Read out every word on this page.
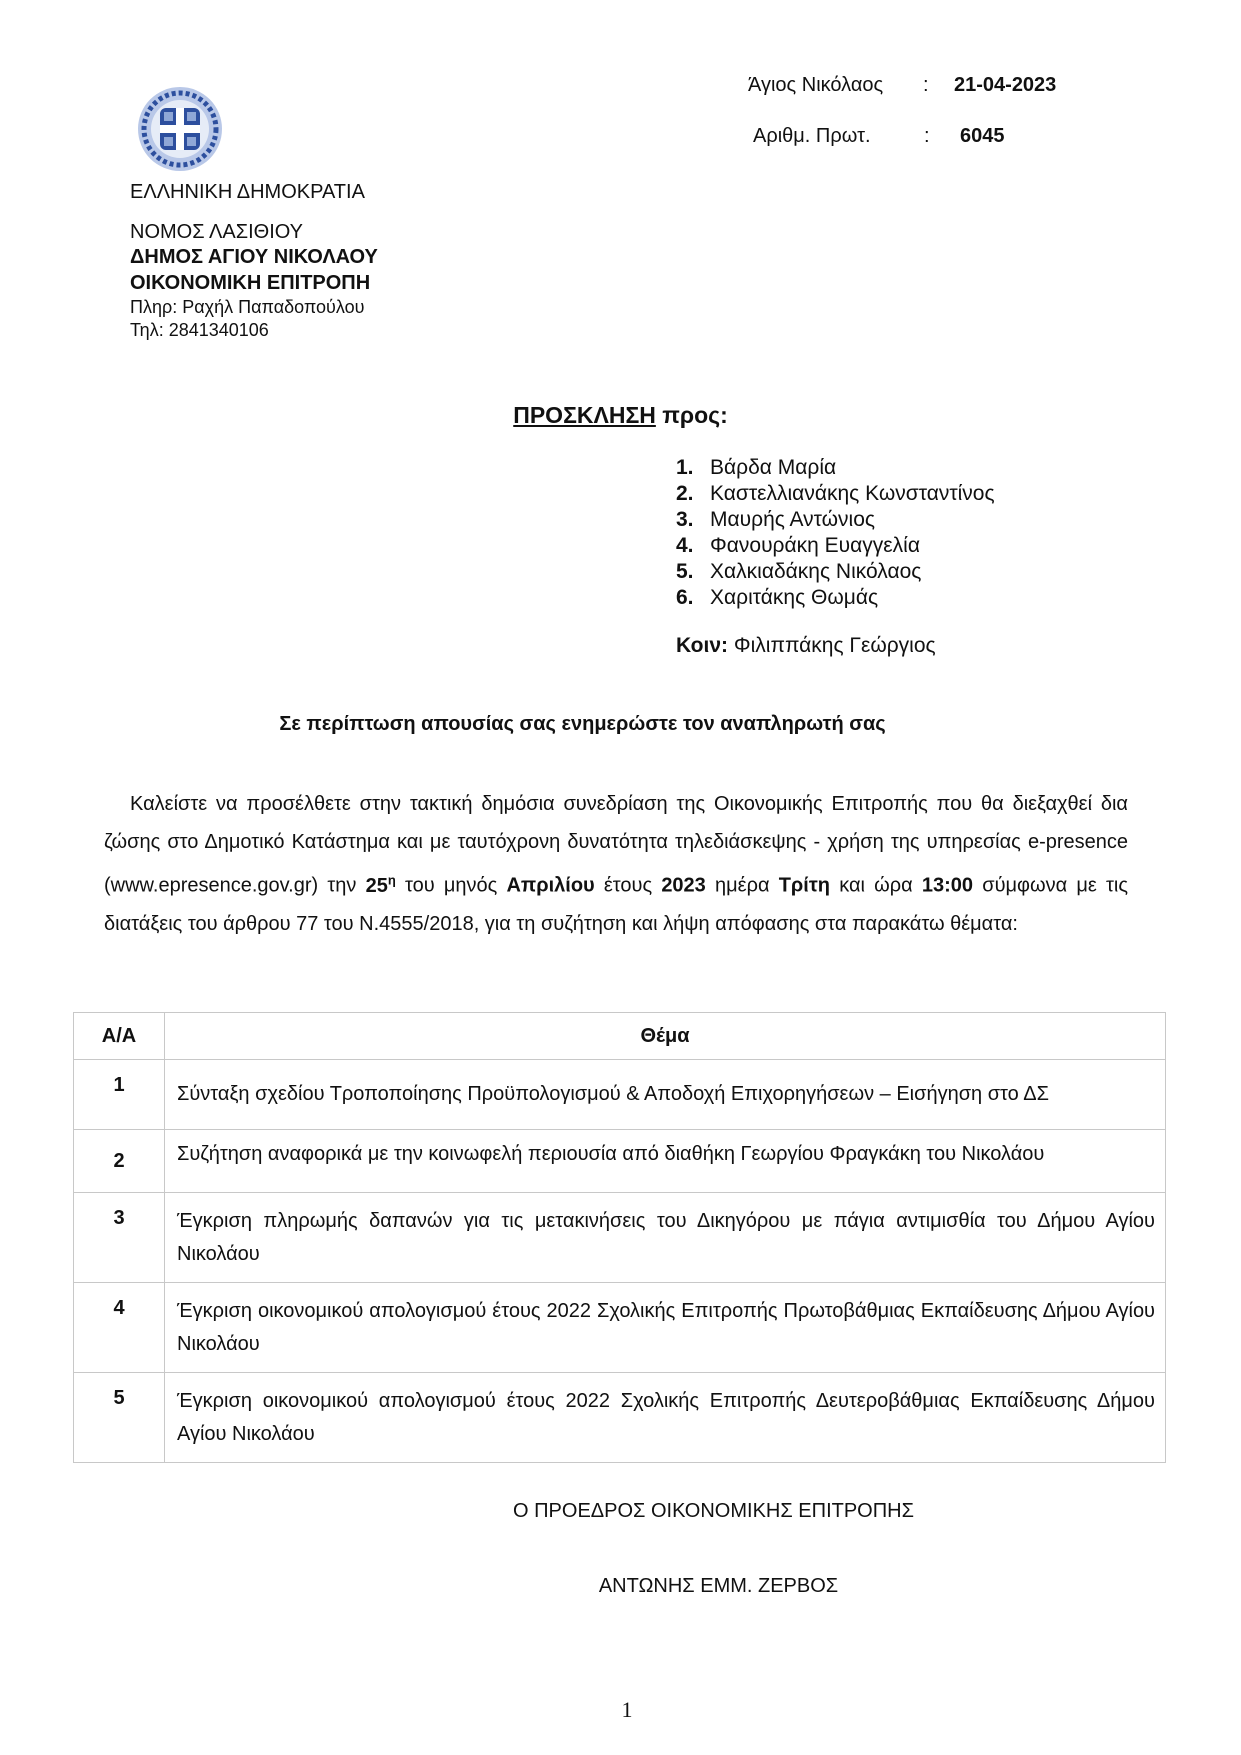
ΕΛΛΗΝΙΚΗ ΔΗΜΟΚΡΑΤΙΑ
ΝΟΜΟΣ ΛΑΣΙΘΙΟΥ
ΔΗΜΟΣ ΑΓΙΟΥ ΝΙΚΟΛΑΟΥ
ΟΙΚΟΝΟΜΙΚΗ ΕΠΙΤΡΟΠΗ
Πληρ: Ραχήλ Παπαδοπούλου
Τηλ: 2841340106
Άγιος Νικόλαος : 21-04-2023
Αριθμ. Πρωτ.	: 6045
ΠΡΟΣΚΛΗΣΗ προς:
1. Βάρδα Μαρία
2. Καστελλιανάκης Κωνσταντίνος
3. Μαυρής Αντώνιος
4. Φανουράκη Ευαγγελία
5. Χαλκιαδάκης Νικόλαος
6. Χαριτάκης Θωμάς
Κοιν: Φιλιππάκης Γεώργιος
Σε περίπτωση απουσίας σας ενημερώστε τον αναπληρωτή σας

Καλείστε να προσέλθετε στην τακτική δημόσια συνεδρίαση της Οικονομικής Επιτροπής που θα διεξαχθεί δια ζώσης στο Δημοτικό Κατάστημα και με ταυτόχρονη δυνατότητα τηλεδιάσκεψης - χρήση της υπηρεσίας e-presence (www.epresence.gov.gr) την $25^\eta$ του μηνός Απριλίου έτους 2023 ημέρα Τρίτη και ώρα 13:00 σύμφωνα με τις διατάξεις του άρθρου 77 του Ν.4555/2018, για τη συζήτηση και λήψη απόφασης στα παρακάτω θέματα:

Α/Α	Θέμα
1	Σύνταξη σχεδίου Τροποποίησης Προϋπολογισμού & Αποδοχή Επιχορηγήσεων – Εισήγηση στο ΔΣ
2	Συζήτηση αναφορικά με την κοινωφελή περιουσία από διαθήκη Γεωργίου Φραγκάκη του Νικολάου
3	Έγκριση πληρωμής δαπανών για τις μετακινήσεις του Δικηγόρου με πάγια αντιμισθία του Δήμου Αγίου Νικολάου
4	Έγκριση οικονομικού απολογισμού έτους 2022 Σχολικής Επιτροπής Πρωτοβάθμιας Εκπαίδευσης Δήμου Αγίου Νικολάου
5	Έγκριση οικονομικού απολογισμού έτους 2022 Σχολικής Επιτροπής Δευτεροβάθμιας Εκπαίδευσης Δήμου Αγίου Νικολάου
Ο ΠΡΟΕΔΡΟΣ ΟΙΚΟΝΟΜΙΚΗΣ ΕΠΙΤΡΟΠΗΣ
ΑΝΤΩΝΗΣ ΕΜΜ. ΖΕΡΒΟΣ
1
